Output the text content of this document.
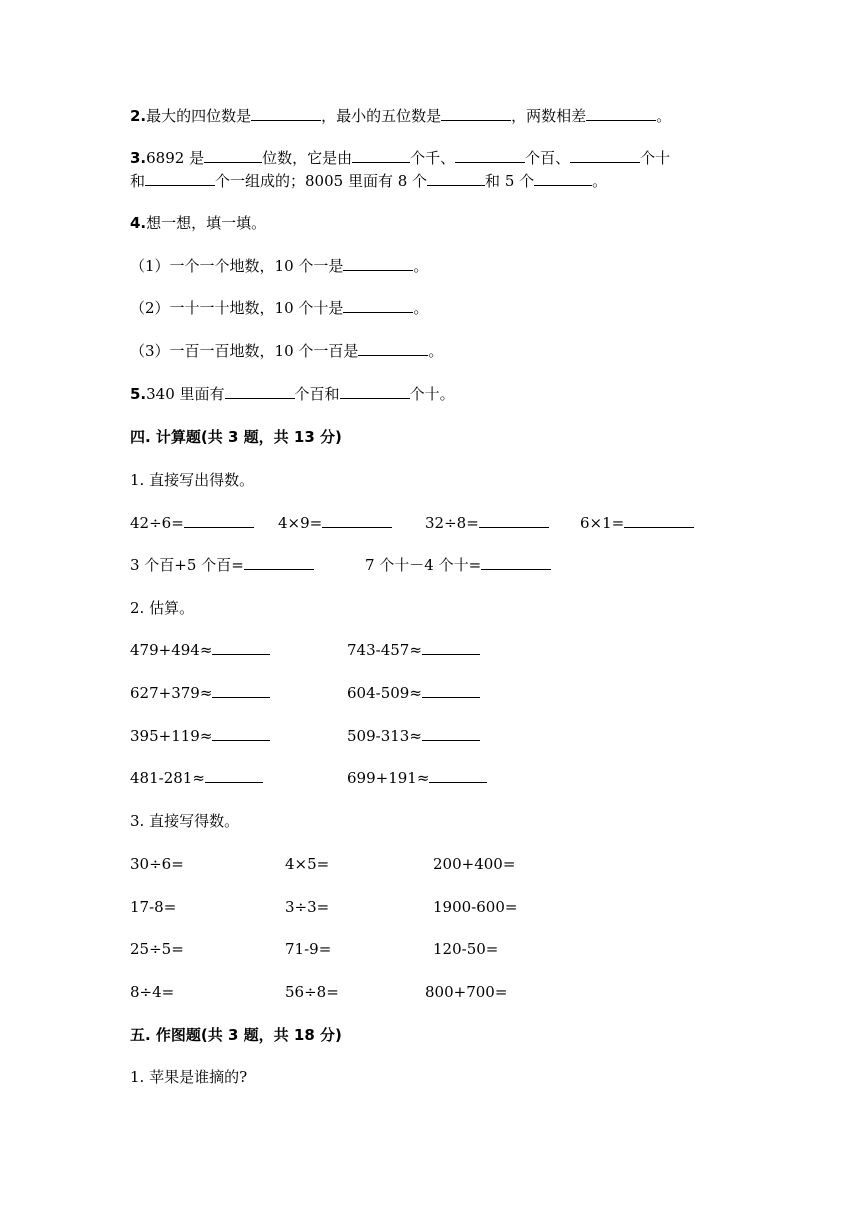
2.最大的四位数是	，最小的五位数是	，两数相差	。
3.6892 是	位数，它是由	个千、	个百、	个十
和	个一组成的；8005 里面有 8 个	和 5 个	。
4.想一想，填一填。
（1）一个一个地数，10 个一是	。
（2）一十一十地数，10 个十是	。
（3）一百一百地数，10 个一百是	。
5.340 里面有	个百和	个十。
四. 计算题(共 3 题，共 13 分)
1. 直接写出得数。
42÷6=	4×9=	32÷8=	6×1=
3 个百+5 个百=	7 个十－4 个十=
2. 估算。
479+494≈	743-457≈
627+379≈	604-509≈
395+119≈	509-313≈
481-281≈	699+191≈
3. 直接写得数。
30÷6=	4×5=	200+400=
17-8=	3÷3=	1900-600=
25÷5=	71-9=	120-50=
8÷4=	56÷8=	800+700=
五. 作图题(共 3 题，共 18 分)
1. 苹果是谁摘的?
